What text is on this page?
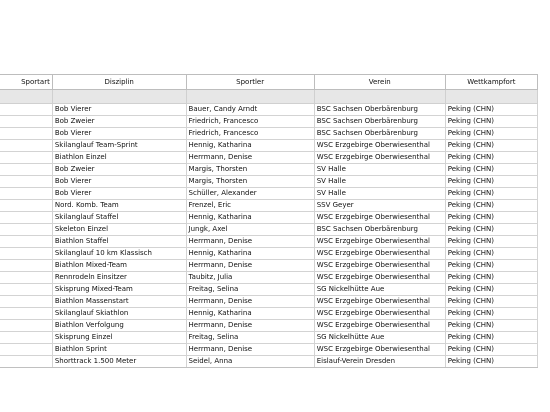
Sportart	Disziplin	Sportler	Verein	Wettkampfort

	Bob Vierer	Bauer, Candy Arndt	BSC Sachsen Oberbärenburg	Peking (CHN)
	Bob Zweier	Friedrich, Francesco	BSC Sachsen Oberbärenburg	Peking (CHN)
	Bob Vierer	Friedrich, Francesco	BSC Sachsen Oberbärenburg	Peking (CHN)
	Skilanglauf Team-Sprint	Hennig, Katharina	WSC Erzgebirge Oberwiesenthal	Peking (CHN)
	Biathlon Einzel	Herrmann, Denise	WSC Erzgebirge Oberwiesenthal	Peking (CHN)
	Bob Zweier	Margis, Thorsten	SV Halle	Peking (CHN)
	Bob Vierer	Margis, Thorsten	SV Halle	Peking (CHN)
	Bob Vierer	Schüller, Alexander	SV Halle	Peking (CHN)
	Nord. Komb. Team	Frenzel, Eric	SSV Geyer	Peking (CHN)
	Skilanglauf Staffel	Hennig, Katharina	WSC Erzgebirge Oberwiesenthal	Peking (CHN)
	Skeleton Einzel	Jungk, Axel	BSC Sachsen Oberbärenburg	Peking (CHN)
	Biathlon Staffel	Herrmann, Denise	WSC Erzgebirge Oberwiesenthal	Peking (CHN)
	Skilanglauf 10 km Klassisch	Hennig, Katharina	WSC Erzgebirge Oberwiesenthal	Peking (CHN)
	Biathlon Mixed-Team	Herrmann, Denise	WSC Erzgebirge Oberwiesenthal	Peking (CHN)
	Rennrodeln Einsitzer	Taubitz, Julia	WSC Erzgebirge Oberwiesenthal	Peking (CHN)
	Skisprung Mixed-Team	Freitag, Selina	SG Nickelhütte Aue	Peking (CHN)
	Biathlon Massenstart	Herrmann, Denise	WSC Erzgebirge Oberwiesenthal	Peking (CHN)
	Skilanglauf Skiathlon	Hennig, Katharina	WSC Erzgebirge Oberwiesenthal	Peking (CHN)
	Biathlon Verfolgung	Herrmann, Denise	WSC Erzgebirge Oberwiesenthal	Peking (CHN)
	Skisprung Einzel	Freitag, Selina	SG Nickelhütte Aue	Peking (CHN)
	Biathlon Sprint	Herrmann, Denise	WSC Erzgebirge Oberwiesenthal	Peking (CHN)
	Shorttrack 1.500 Meter	Seidel, Anna	Eislauf-Verein Dresden	Peking (CHN)
